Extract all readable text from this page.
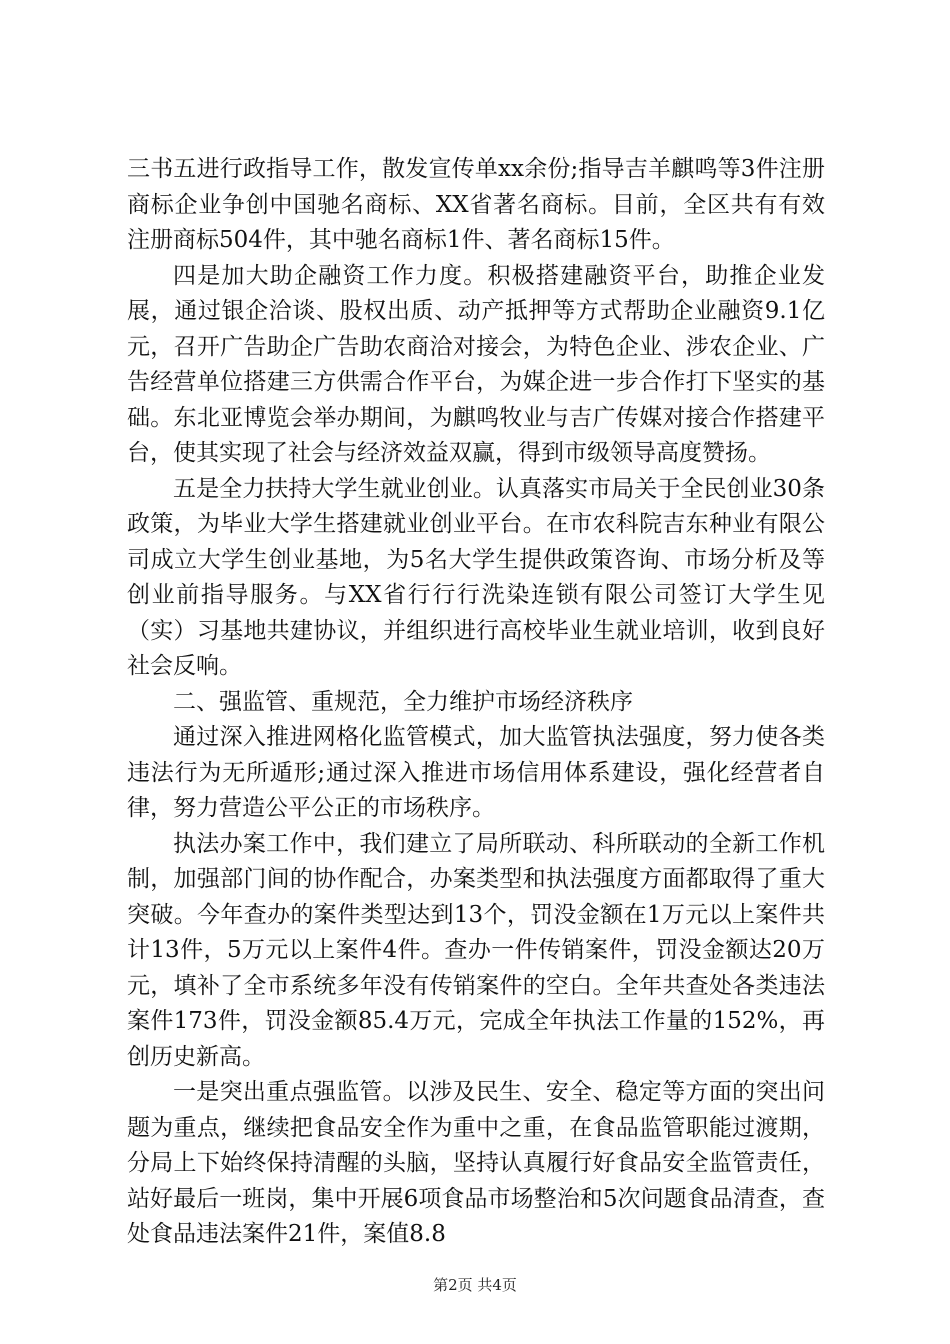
三书五进行政指导工作，散发宣传单xx余份;指导吉羊麒鸣等3件注册商标企业争创中国驰名商标、XX省著名商标。目前，全区共有有效注册商标504件，其中驰名商标1件、著名商标15件。

四是加大助企融资工作力度。积极搭建融资平台，助推企业发展，通过银企洽谈、股权出质、动产抵押等方式帮助企业融资9.1亿元，召开广告助企广告助农商洽对接会，为特色企业、涉农企业、广告经营单位搭建三方供需合作平台，为媒企进一步合作打下坚实的基础。东北亚博览会举办期间，为麒鸣牧业与吉广传媒对接合作搭建平台，使其实现了社会与经济效益双赢，得到市级领导高度赞扬。

五是全力扶持大学生就业创业。认真落实市局关于全民创业30条政策，为毕业大学生搭建就业创业平台。在市农科院吉东种业有限公司成立大学生创业基地，为5名大学生提供政策咨询、市场分析及等创业前指导服务。与XX省行行行洗染连锁有限公司签订大学生见（实）习基地共建协议，并组织进行高校毕业生就业培训，收到良好社会反响。

二、强监管、重规范，全力维护市场经济秩序

通过深入推进网格化监管模式，加大监管执法强度，努力使各类违法行为无所遁形;通过深入推进市场信用体系建设，强化经营者自律，努力营造公平公正的市场秩序。

执法办案工作中，我们建立了局所联动、科所联动的全新工作机制，加强部门间的协作配合，办案类型和执法强度方面都取得了重大突破。今年查办的案件类型达到13个，罚没金额在1万元以上案件共计13件，5万元以上案件4件。查办一件传销案件，罚没金额达20万元，填补了全市系统多年没有传销案件的空白。全年共查处各类违法案件173件，罚没金额85.4万元，完成全年执法工作量的152%，再创历史新高。

一是突出重点强监管。以涉及民生、安全、稳定等方面的突出问题为重点，继续把食品安全作为重中之重，在食品监管职能过渡期，分局上下始终保持清醒的头脑，坚持认真履行好食品安全监管责任，站好最后一班岗，集中开展6项食品市场整治和5次问题食品清查，查处食品违法案件21件，案值8.8

第2页 共4页
